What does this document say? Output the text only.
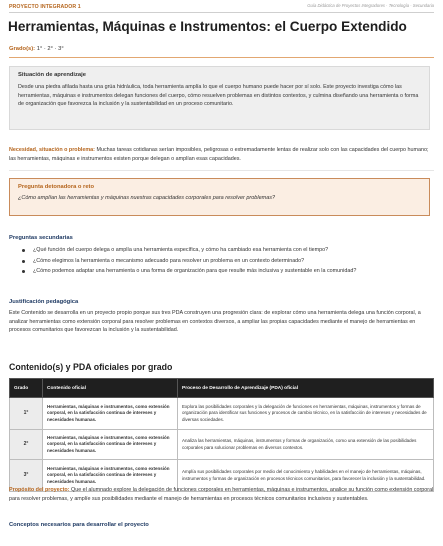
PROYECTO INTEGRADOR 1	Guía Didáctica de Proyectos Integradores · Tecnología · Secundaria
Herramientas, Máquinas e Instrumentos: el Cuerpo Extendido
Grado(s): 1° · 2° · 3°
Situación de aprendizaje

Desde una piedra afilada hasta una grúa hidráulica, toda herramienta amplía lo que el cuerpo humano puede hacer por sí solo. Este proyecto investiga cómo las herramientas, máquinas e instrumentos delegan funciones del cuerpo, cómo resuelven problemas en distintos contextos, y culmina diseñando una herramienta o forma de organización que favorezca la inclusión y la sustentabilidad en un proceso comunitario.

Necesidad, situación o problema: Muchas tareas cotidianas serían imposibles, peligrosas o extremadamente lentas de realizar solo con las capacidades del cuerpo humano; las herramientas, máquinas e instrumentos existen porque delegan o amplían esas capacidades.
Pregunta detonadora o reto

¿Cómo amplían las herramientas y máquinas nuestras capacidades corporales para resolver problemas?

Preguntas secundarias
¿Qué función del cuerpo delega o amplía una herramienta específica, y cómo ha cambiado esa herramienta con el tiempo?
¿Cómo elegimos la herramienta o mecanismo adecuado para resolver un problema en un contexto determinado?
¿Cómo podemos adaptar una herramienta o una forma de organización para que resulte más inclusiva y sustentable en la comunidad?
Justificación pedagógica

Este Contenido se desarrolla en un proyecto propio porque sus tres PDA construyen una progresión clara: de explorar cómo una herramienta delega una función corporal, a analizar herramientas como extensión corporal para resolver problemas en contextos diversos, a ampliar las propias capacidades mediante el manejo de herramientas en procesos comunitarios que favorezcan la inclusión y la sustentabilidad.

Contenido(s) y PDA oficiales por grado
Grado	Contenido oficial	Proceso de Desarrollo de Aprendizaje (PDA) oficial
1°	Herramientas, máquinas e instrumentos, como extensión corporal, en la satisfacción continua de intereses y necesidades humanas.	Explora las posibilidades corporales y la delegación de funciones en herramientas, máquinas, instrumentos y formas de organización para identificar sus funciones y procesos de cambio técnico, en la satisfacción de intereses y necesidades de diversas sociedades.
2°	Herramientas, máquinas e instrumentos, como extensión corporal, en la satisfacción continua de intereses y necesidades humanas.	Analiza las herramientas, máquinas, instrumentos y formas de organización, como una extensión de las posibilidades corporales para solucionar problemas en diversos contextos.
3°	Herramientas, máquinas e instrumentos, como extensión corporal, en la satisfacción continua de intereses y necesidades humanas.	Amplía sus posibilidades corporales por medio del conocimiento y habilidades en el manejo de herramientas, máquinas, instrumentos y formas de organización en procesos técnicos comunitarios, para favorecer la inclusión y la sustentabilidad.

Propósito del proyecto: Que el alumnado explore la delegación de funciones corporales en herramientas, máquinas e instrumentos, analice su función como extensión corporal para resolver problemas, y amplíe sus posibilidades mediante el manejo de herramientas en procesos técnicos comunitarios inclusivos y sustentables.

Conceptos necesarios para desarrollar el proyecto
